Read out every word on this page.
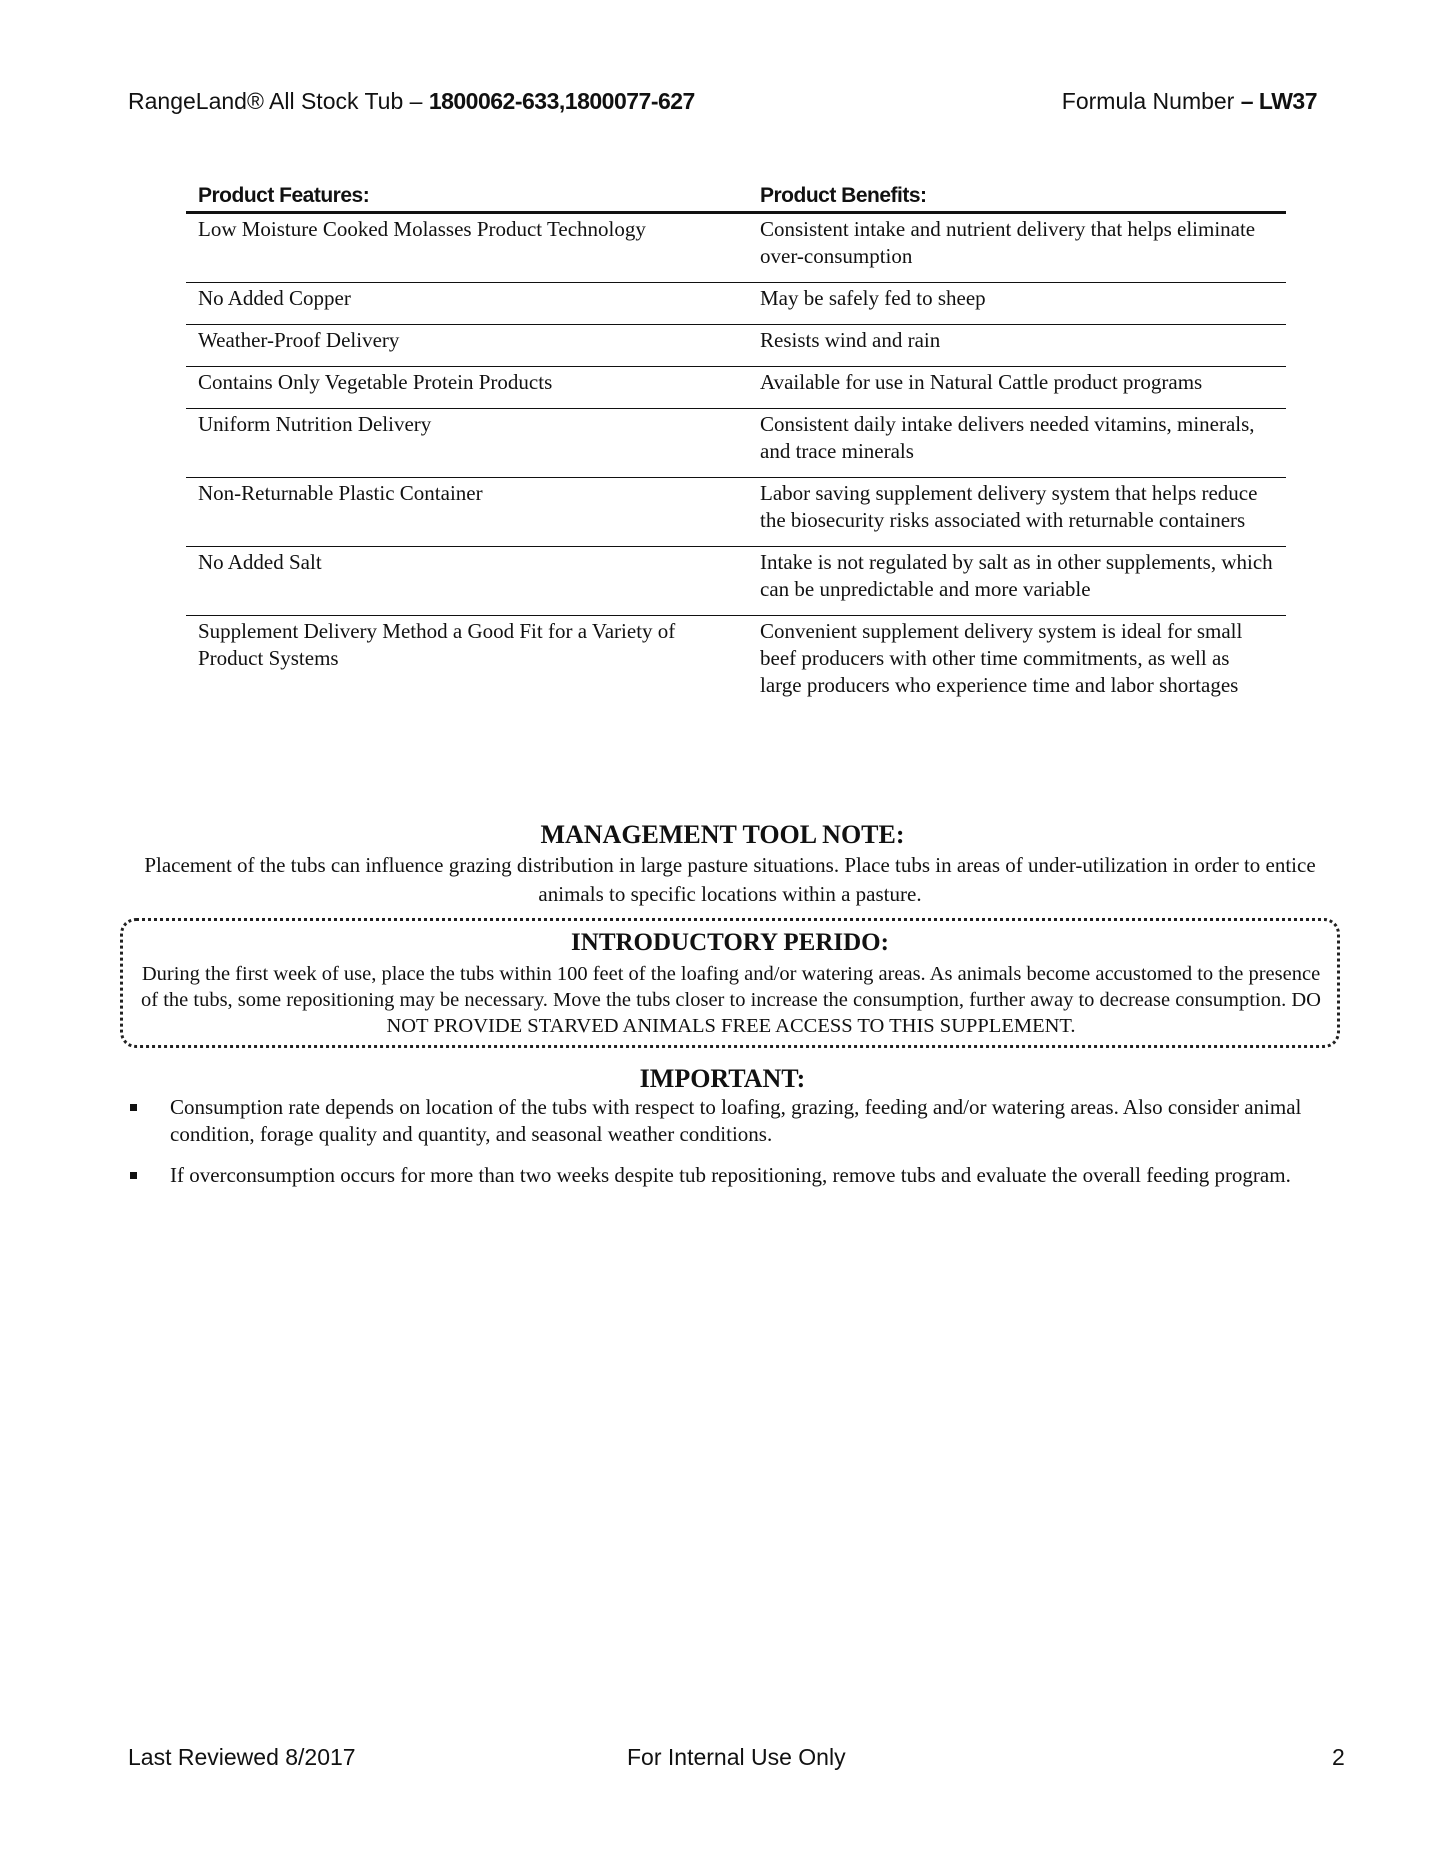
RangeLand® All Stock Tub – 1800062-633,1800077-627	Formula Number – LW37
Product Features:	Product Benefits:
Low Moisture Cooked Molasses Product Technology	Consistent intake and nutrient delivery that helps eliminate over-consumption
No Added Copper	May be safely fed to sheep
Weather-Proof Delivery	Resists wind and rain
Contains Only Vegetable Protein Products	Available for use in Natural Cattle product programs
Uniform Nutrition Delivery	Consistent daily intake delivers needed vitamins, minerals, and trace minerals
Non-Returnable Plastic Container	Labor saving supplement delivery system that helps reduce the biosecurity risks associated with returnable containers
No Added Salt	Intake is not regulated by salt as in other supplements, which can be unpredictable and more variable
Supplement Delivery Method a Good Fit for a Variety of Product Systems	Convenient supplement delivery system is ideal for small beef producers with other time commitments, as well as large producers who experience time and labor shortages
MANAGEMENT TOOL NOTE:
Placement of the tubs can influence grazing distribution in large pasture situations. Place tubs in areas of under-utilization in order to entice animals to specific locations within a pasture.
INTRODUCTORY PERIDO:
During the first week of use, place the tubs within 100 feet of the loafing and/or watering areas. As animals become accustomed to the presence of the tubs, some repositioning may be necessary. Move the tubs closer to increase the consumption, further away to decrease consumption. DO NOT PROVIDE STARVED ANIMALS FREE ACCESS TO THIS SUPPLEMENT.
IMPORTANT:
Consumption rate depends on location of the tubs with respect to loafing, grazing, feeding and/or watering areas. Also consider animal condition, forage quality and quantity, and seasonal weather conditions.
If overconsumption occurs for more than two weeks despite tub repositioning, remove tubs and evaluate the overall feeding program.
Last Reviewed 8/2017	For Internal Use Only	2
